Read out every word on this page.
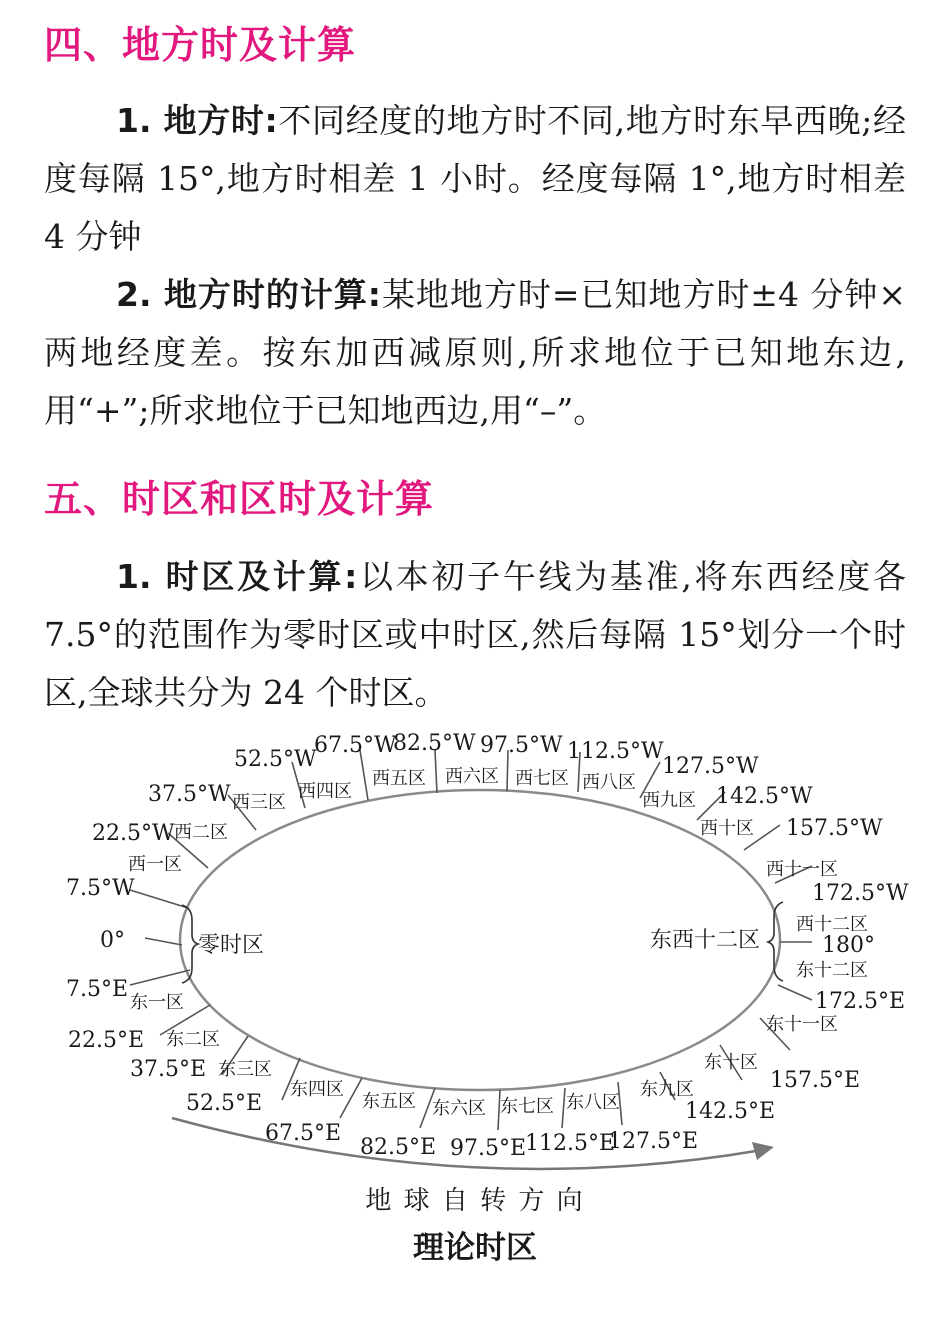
四、地方时及计算

1. 地方时:不同经度的地方时不同,地方时东早西晚;经度每隔 15°,地方时相差 1 小时。经度每隔 1°,地方时相差 4 分钟

2. 地方时的计算:某地地方时=已知地方时±4 分钟×两地经度差。按东加西减原则,所求地位于已知地东边,用“+”;所求地位于已知地西边,用“–”。

五、时区和区时及计算

1. 时区及计算:以本初子午线为基准,将东西经度各 7.5°的范围作为零时区或中时区,然后每隔 15°划分一个时区,全球共分为 24 个时区。

零时区	东西十二区
0°
7.5°W
22.5°W
37.5°W
52.5°W
67.5°W
82.5°W 97.5°W 112.5°W
127.5°W
142.5°W
157.5°W
172.5°W
180°
7.5°E
22.5°E
37.5°E
52.5°E
67.5°E
82.5°E 97.5°E
112.5°E
127.5°E
142.5°E
157.5°E
172.5°E
西一区
西二区
西三区
西四区
西五区 西六区 西七区 西八区
西九区
西十区
西十一区
西十二区
东一区
东二区
东三区
东四区
东五区 东六区 东七区 东八区
东九区
东十区
东十一区
东十二区

地 球 自 转 方 向

理论时区
